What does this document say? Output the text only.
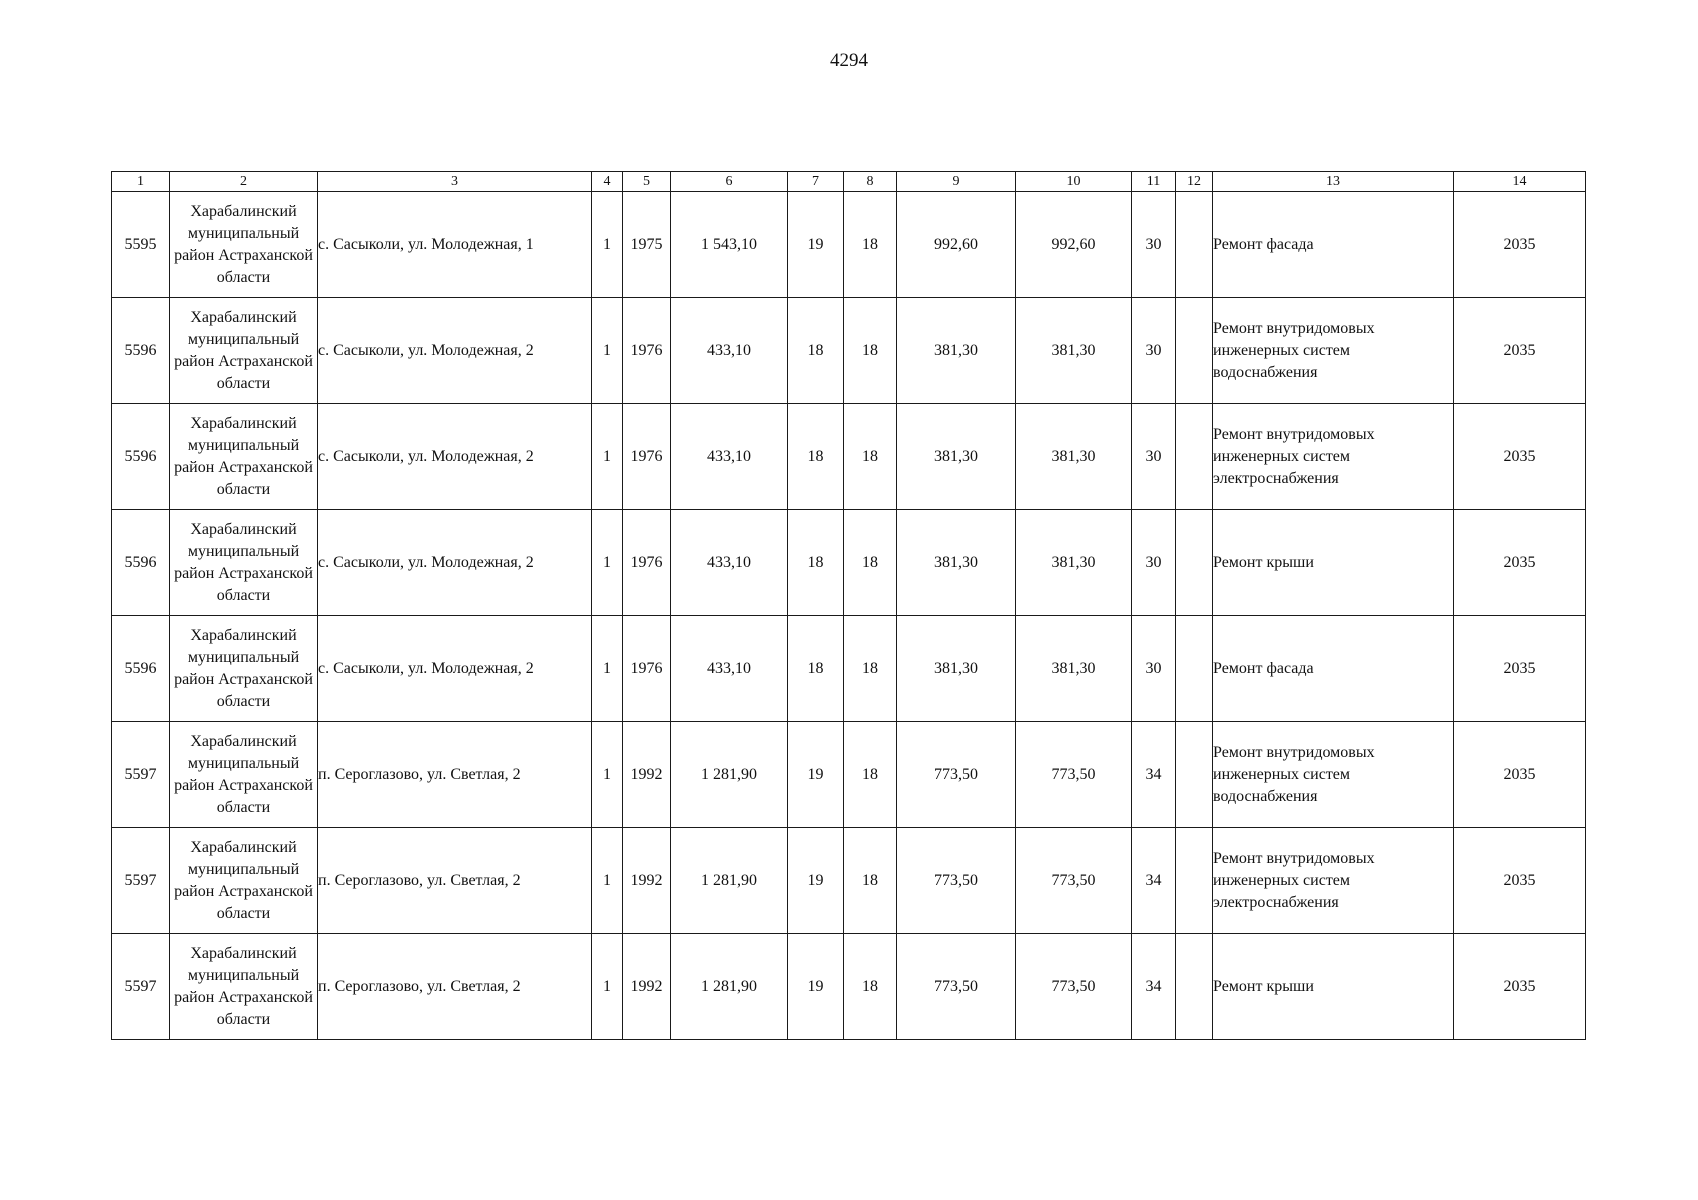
4294
1	2	3	4	5	6	7	8	9	10	11	12	13	14
5595	Харабалинский муниципальный район Астраханской области	с. Сасыколи, ул. Молодежная, 1	1	1975	1 543,10	19	18	992,60	992,60	30		Ремонт фасада	2035
5596	Харабалинский муниципальный район Астраханской области	с. Сасыколи, ул. Молодежная, 2	1	1976	433,10	18	18	381,30	381,30	30		Ремонт внутридомовых инженерных систем водоснабжения	2035
5596	Харабалинский муниципальный район Астраханской области	с. Сасыколи, ул. Молодежная, 2	1	1976	433,10	18	18	381,30	381,30	30		Ремонт внутридомовых инженерных систем электроснабжения	2035
5596	Харабалинский муниципальный район Астраханской области	с. Сасыколи, ул. Молодежная, 2	1	1976	433,10	18	18	381,30	381,30	30		Ремонт крыши	2035
5596	Харабалинский муниципальный район Астраханской области	с. Сасыколи, ул. Молодежная, 2	1	1976	433,10	18	18	381,30	381,30	30		Ремонт фасада	2035
5597	Харабалинский муниципальный район Астраханской области	п. Сероглазово, ул. Светлая, 2	1	1992	1 281,90	19	18	773,50	773,50	34		Ремонт внутридомовых инженерных систем водоснабжения	2035
5597	Харабалинский муниципальный район Астраханской области	п. Сероглазово, ул. Светлая, 2	1	1992	1 281,90	19	18	773,50	773,50	34		Ремонт внутридомовых инженерных систем электроснабжения	2035
5597	Харабалинский муниципальный район Астраханской области	п. Сероглазово, ул. Светлая, 2	1	1992	1 281,90	19	18	773,50	773,50	34		Ремонт крыши	2035
